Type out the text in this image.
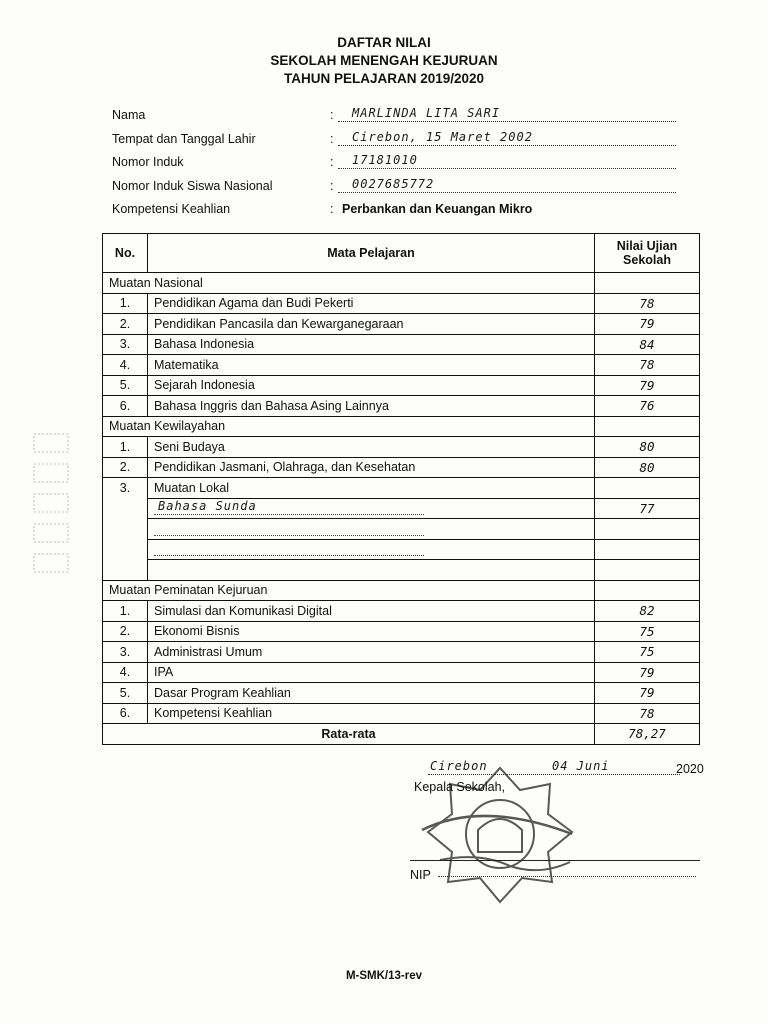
DAFTAR NILAI
SEKOLAH MENENGAH KEJURUAN
TAHUN PELAJARAN 2019/2020
Nama	: MARLINDA LITA SARI
Tempat dan Tanggal Lahir	: Cirebon, 15 Maret 2002
Nomor Induk	: 17181010
Nomor Induk Siswa Nasional	: 0027685772
Kompetensi Keahlian	: Perbankan dan Keuangan Mikro
No.	Mata Pelajaran	Nilai Ujian Sekolah
Muatan Nasional		
1.	Pendidikan Agama dan Budi Pekerti	78
2.	Pendidikan Pancasila dan Kewarganegaraan	79
3.	Bahasa Indonesia	84
4.	Matematika	78
5.	Sejarah Indonesia	79
6.	Bahasa Inggris dan Bahasa Asing Lainnya	76
Muatan Kewilayahan		
1.	Seni Budaya	80
2.	Pendidikan Jasmani, Olahraga, dan Kesehatan	80
3.	Muatan Lokal	

	Bahasa Sunda	77

Muatan Peminatan Kejuruan		
1.	Simulasi dan Komunikasi Digital	82
2.	Ekonomi Bisnis	75
3.	Administrasi Umum	75
4.	IPA	79
5.	Dasar Program Keahlian	79
6.	Kompetensi Keahlian	78
Rata-rata		78,27
Cirebon	04 Juni	2020
Kepala Sekolah,
NIP
M-SMK/13-rev
